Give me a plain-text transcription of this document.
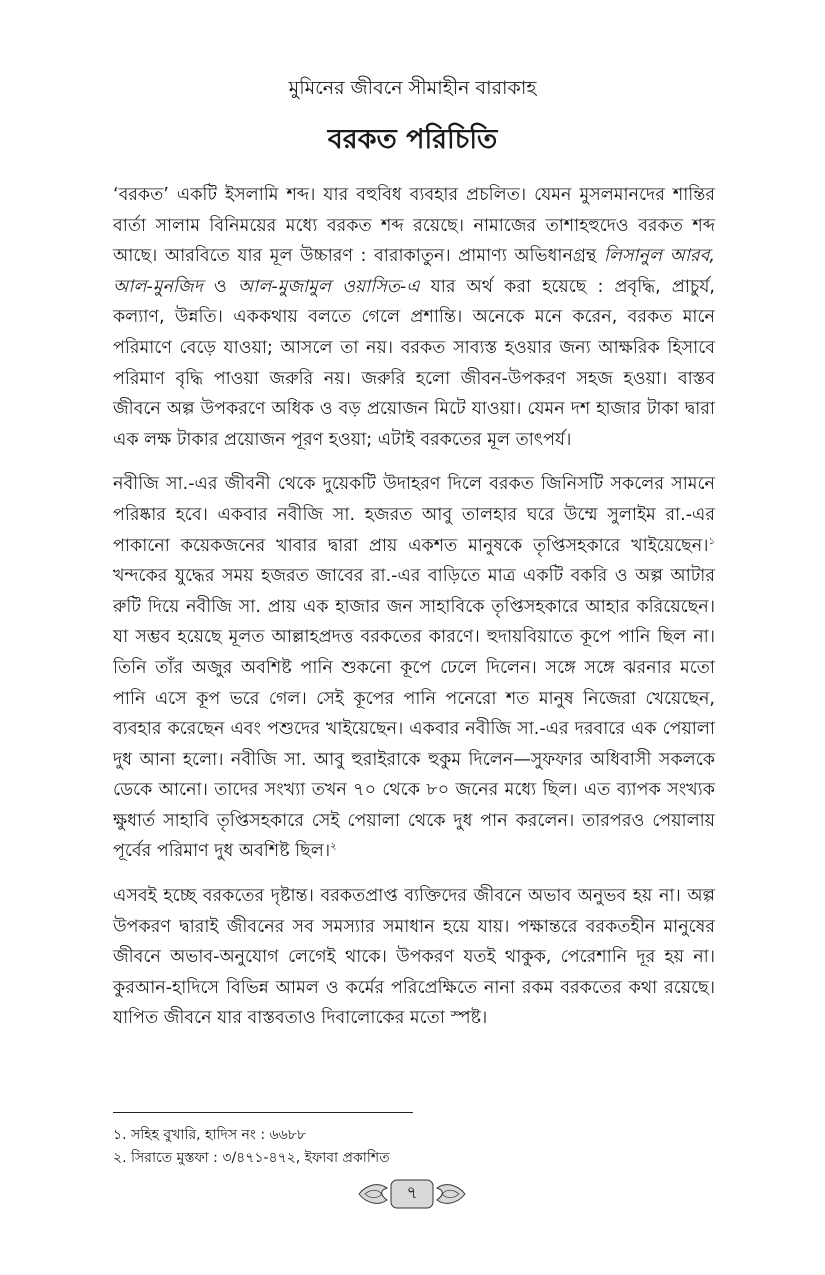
মুমিনের জীবনে সীমাহীন বারাকাহ
বরকত পরিচিতি

‘বরকত’ একটি ইসলামি শব্দ। যার বহুবিধ ব্যবহার প্রচলিত। যেমন মুসলমানদের শান্তির বার্তা সালাম বিনিময়ের মধ্যে বরকত শব্দ রয়েছে। নামাজের তাশাহহুদেও বরকত শব্দ আছে। আরবিতে যার মূল উচ্চারণ : বারাকাতুন। প্রামাণ্য অভিধানগ্রন্থ লিসানুল আরব, আল-মুনজিদ ও আল-মুজামুল ওয়াসিত-এ যার অর্থ করা হয়েছে : প্রবৃদ্ধি, প্রাচুর্য, কল্যাণ, উন্নতি। এককথায় বলতে গেলে প্রশান্তি। অনেকে মনে করেন, বরকত মানে পরিমাণে বেড়ে যাওয়া; আসলে তা নয়। বরকত সাব্যস্ত হওয়ার জন্য আক্ষরিক হিসাবে পরিমাণ বৃদ্ধি পাওয়া জরুরি নয়। জরুরি হলো জীবন-উপকরণ সহজ হওয়া। বাস্তব জীবনে অল্প উপকরণে অধিক ও বড় প্রয়োজন মিটে যাওয়া। যেমন দশ হাজার টাকা দ্বারা এক লক্ষ টাকার প্রয়োজন পূরণ হওয়া; এটাই বরকতের মূল তাৎপর্য।

নবীজি সা.-এর জীবনী থেকে দুয়েকটি উদাহরণ দিলে বরকত জিনিসটি সকলের সামনে পরিষ্কার হবে। একবার নবীজি সা. হজরত আবু তালহার ঘরে উম্মে সুলাইম রা.-এর পাকানো কয়েকজনের খাবার দ্বারা প্রায় একশত মানুষকে তৃপ্তিসহকারে খাইয়েছেন।$^১$ খন্দকের যুদ্ধের সময় হজরত জাবের রা.-এর বাড়িতে মাত্র একটি বকরি ও অল্প আটার রুটি দিয়ে নবীজি সা. প্রায় এক হাজার জন সাহাবিকে তৃপ্তিসহকারে আহার করিয়েছেন। যা সম্ভব হয়েছে মূলত আল্লাহপ্রদত্ত বরকতের কারণে। হুদায়বিয়াতে কূপে পানি ছিল না। তিনি তাঁর অজুর অবশিষ্ট পানি শুকনো কূপে ঢেলে দিলেন। সঙ্গে সঙ্গে ঝরনার মতো পানি এসে কূপ ভরে গেল। সেই কূপের পানি পনেরো শত মানুষ নিজেরা খেয়েছেন, ব্যবহার করেছেন এবং পশুদের খাইয়েছেন। একবার নবীজি সা.-এর দরবারে এক পেয়ালা দুধ আনা হলো। নবীজি সা. আবু হুরাইরাকে হুকুম দিলেন—সুফফার অধিবাসী সকলকে ডেকে আনো। তাদের সংখ্যা তখন ৭০ থেকে ৮০ জনের মধ্যে ছিল। এত ব্যাপক সংখ্যক ক্ষুধার্ত সাহাবি তৃপ্তিসহকারে সেই পেয়ালা থেকে দুধ পান করলেন। তারপরও পেয়ালায় পূর্বের পরিমাণ দুধ অবশিষ্ট ছিল।$^২$

এসবই হচ্ছে বরকতের দৃষ্টান্ত। বরকতপ্রাপ্ত ব্যক্তিদের জীবনে অভাব অনুভব হয় না। অল্প উপকরণ দ্বারাই জীবনের সব সমস্যার সমাধান হয়ে যায়। পক্ষান্তরে বরকতহীন মানুষের জীবনে অভাব-অনুযোগ লেগেই থাকে। উপকরণ যতই থাকুক, পেরেশানি দূর হয় না। কুরআন-হাদিসে বিভিন্ন আমল ও কর্মের পরিপ্রেক্ষিতে নানা রকম বরকতের কথা রয়েছে। যাপিত জীবনে যার বাস্তবতাও দিবালোকের মতো স্পষ্ট।

১. সহিহ বুখারি, হাদিস নং : ৬৬৮৮
২. সিরাতে মুস্তফা : ৩/৪৭১-৪৭২, ইফাবা প্রকাশিত
৭
